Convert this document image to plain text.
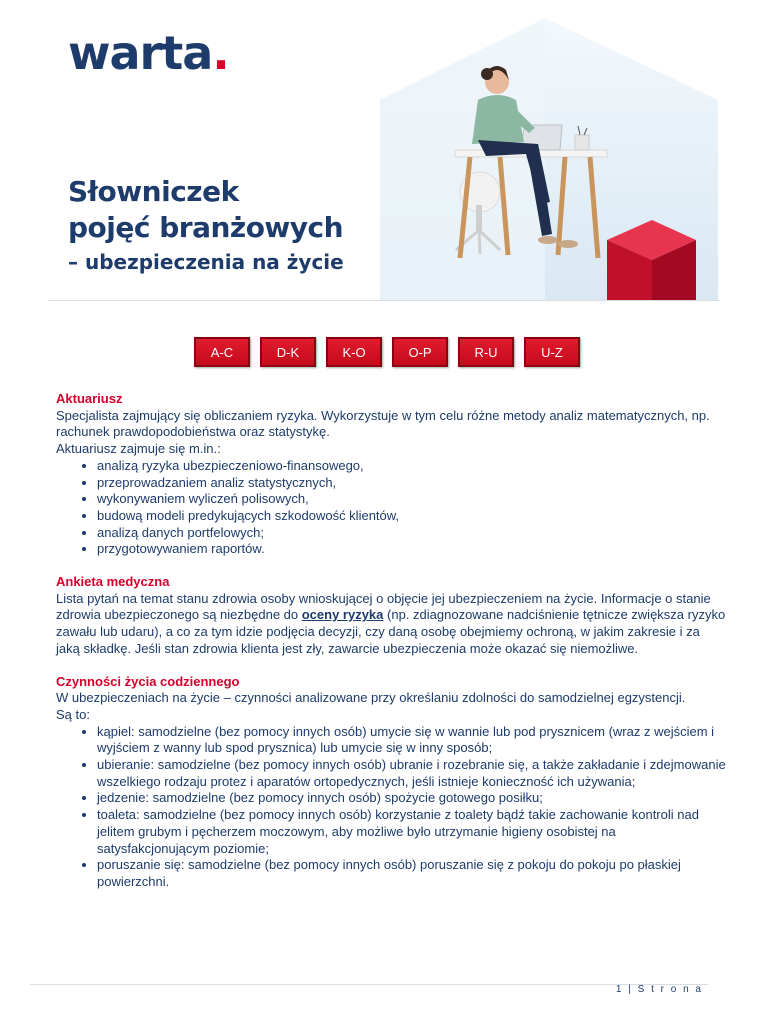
warta.
Słowniczek
pojęć branżowych
– ubezpieczenia na życie
A-C	D-K	K-O	O-P	R-U	U-Z

Aktuariusz

Specjalista zajmujący się obliczaniem ryzyka. Wykorzystuje w tym celu różne metody analiz matematycznych, np. rachunek prawdopodobieństwa oraz statystykę.

Aktuariusz zajmuje się m.in.:

• analizą ryzyka ubezpieczeniowo-finansowego,
• przeprowadzaniem analiz statystycznych,
• wykonywaniem wyliczeń polisowych,
• budową modeli predykujących szkodowość klientów,
• analizą danych portfelowych;
• przygotowywaniem raportów.

Ankieta medyczna

Lista pytań na temat stanu zdrowia osoby wnioskującej o objęcie jej ubezpieczeniem na życie. Informacje o stanie zdrowia ubezpieczonego są niezbędne do oceny ryzyka (np. zdiagnozowane nadciśnienie tętnicze zwiększa ryzyko zawału lub udaru), a co za tym idzie podjęcia decyzji, czy daną osobę obejmiemy ochroną, w jakim zakresie i za jaką składkę. Jeśli stan zdrowia klienta jest zły, zawarcie ubezpieczenia może okazać się niemożliwe.

Czynności życia codziennego

W ubezpieczeniach na życie – czynności analizowane przy określaniu zdolności do samodzielnej egzystencji.

Są to:

• kąpiel: samodzielne (bez pomocy innych osób) umycie się w wannie lub pod prysznicem (wraz z wejściem i wyjściem z wanny lub spod prysznica) lub umycie się w inny sposób;
• ubieranie: samodzielne (bez pomocy innych osób) ubranie i rozebranie się, a także zakładanie i zdejmowanie wszelkiego rodzaju protez i aparatów ortopedycznych, jeśli istnieje konieczność ich używania;
• jedzenie: samodzielne (bez pomocy innych osób) spożycie gotowego posiłku;
• toaleta: samodzielne (bez pomocy innych osób) korzystanie z toalety bądź takie zachowanie kontroli nad jelitem grubym i pęcherzem moczowym, aby możliwe było utrzymanie higieny osobistej na satysfakcjonującym poziomie;
• poruszanie się: samodzielne (bez pomocy innych osób) poruszanie się z pokoju do pokoju po płaskiej powierzchni.
1 | S t r o n a
